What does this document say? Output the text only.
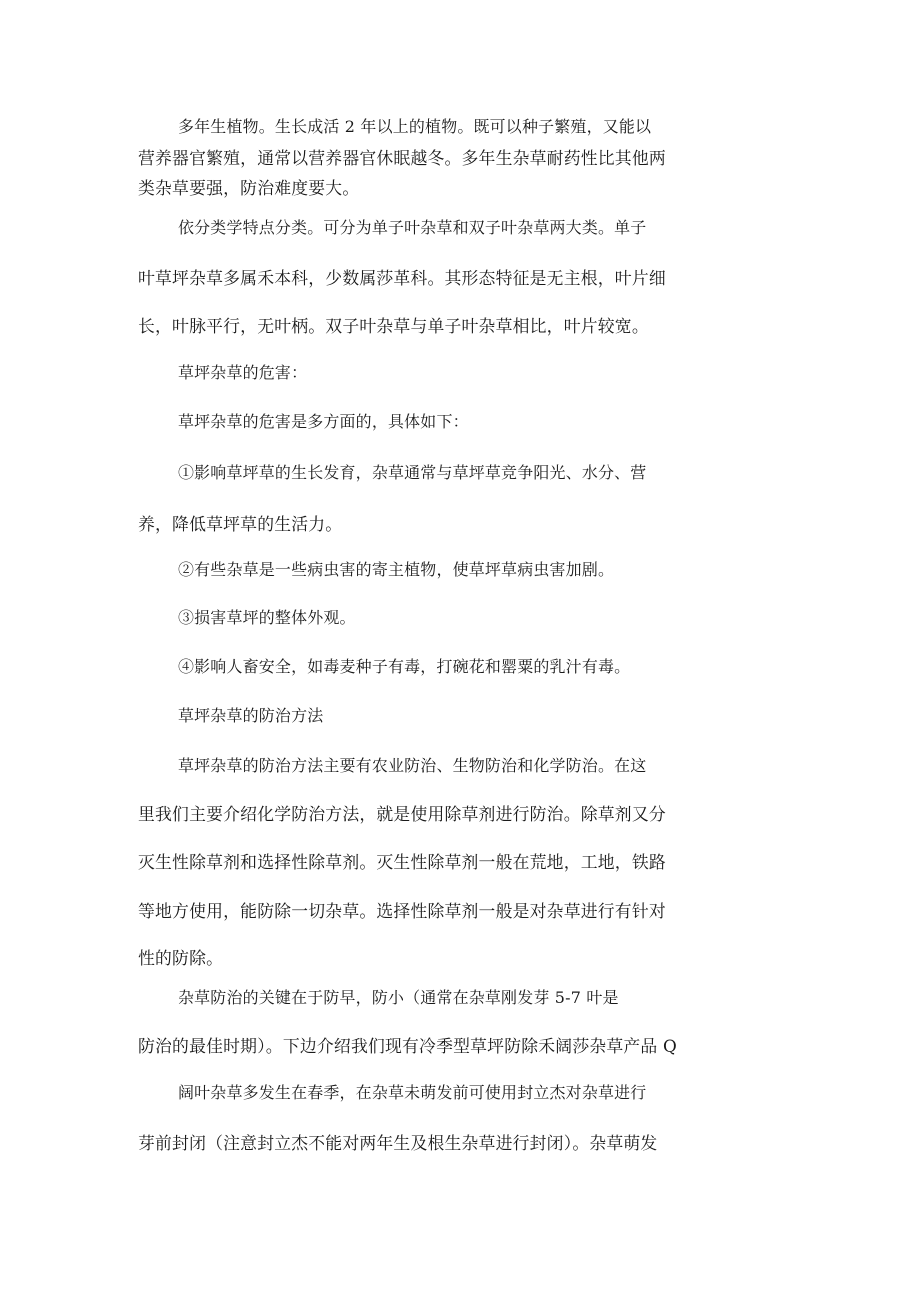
多年生植物。生长成活 2 年以上的植物。既可以种子繁殖，又能以
营养器官繁殖，通常以营养器官休眠越冬。多年生杂草耐药性比其他两
类杂草要强，防治难度要大。
依分类学特点分类。可分为单子叶杂草和双子叶杂草两大类。单子
叶草坪杂草多属禾本科，少数属莎革科。其形态特征是无主根，叶片细
长，叶脉平行，无叶柄。双子叶杂草与单子叶杂草相比，叶片较宽。
草坪杂草的危害：
草坪杂草的危害是多方面的，具体如下：
①影响草坪草的生长发育，杂草通常与草坪草竞争阳光、水分、营
养，降低草坪草的生活力。
②有些杂草是一些病虫害的寄主植物，使草坪草病虫害加剧。
③损害草坪的整体外观。
④影响人畜安全，如毒麦种子有毒，打碗花和罂粟的乳汁有毒。
草坪杂草的防治方法
草坪杂草的防治方法主要有农业防治、生物防治和化学防治。在这
里我们主要介绍化学防治方法，就是使用除草剂进行防治。除草剂又分
灭生性除草剂和选择性除草剂。灭生性除草剂一般在荒地，工地，铁路
等地方使用，能防除一切杂草。选择性除草剂一般是对杂草进行有针对
性的防除。
杂草防治的关键在于防早，防小（通常在杂草刚发芽 5-7 叶是
防治的最佳时期）。下边介绍我们现有冷季型草坪防除禾阔莎杂草产品 Q
阔叶杂草多发生在春季，在杂草未萌发前可使用封立杰对杂草进行
芽前封闭（注意封立杰不能对两年生及根生杂草进行封闭）。杂草萌发
